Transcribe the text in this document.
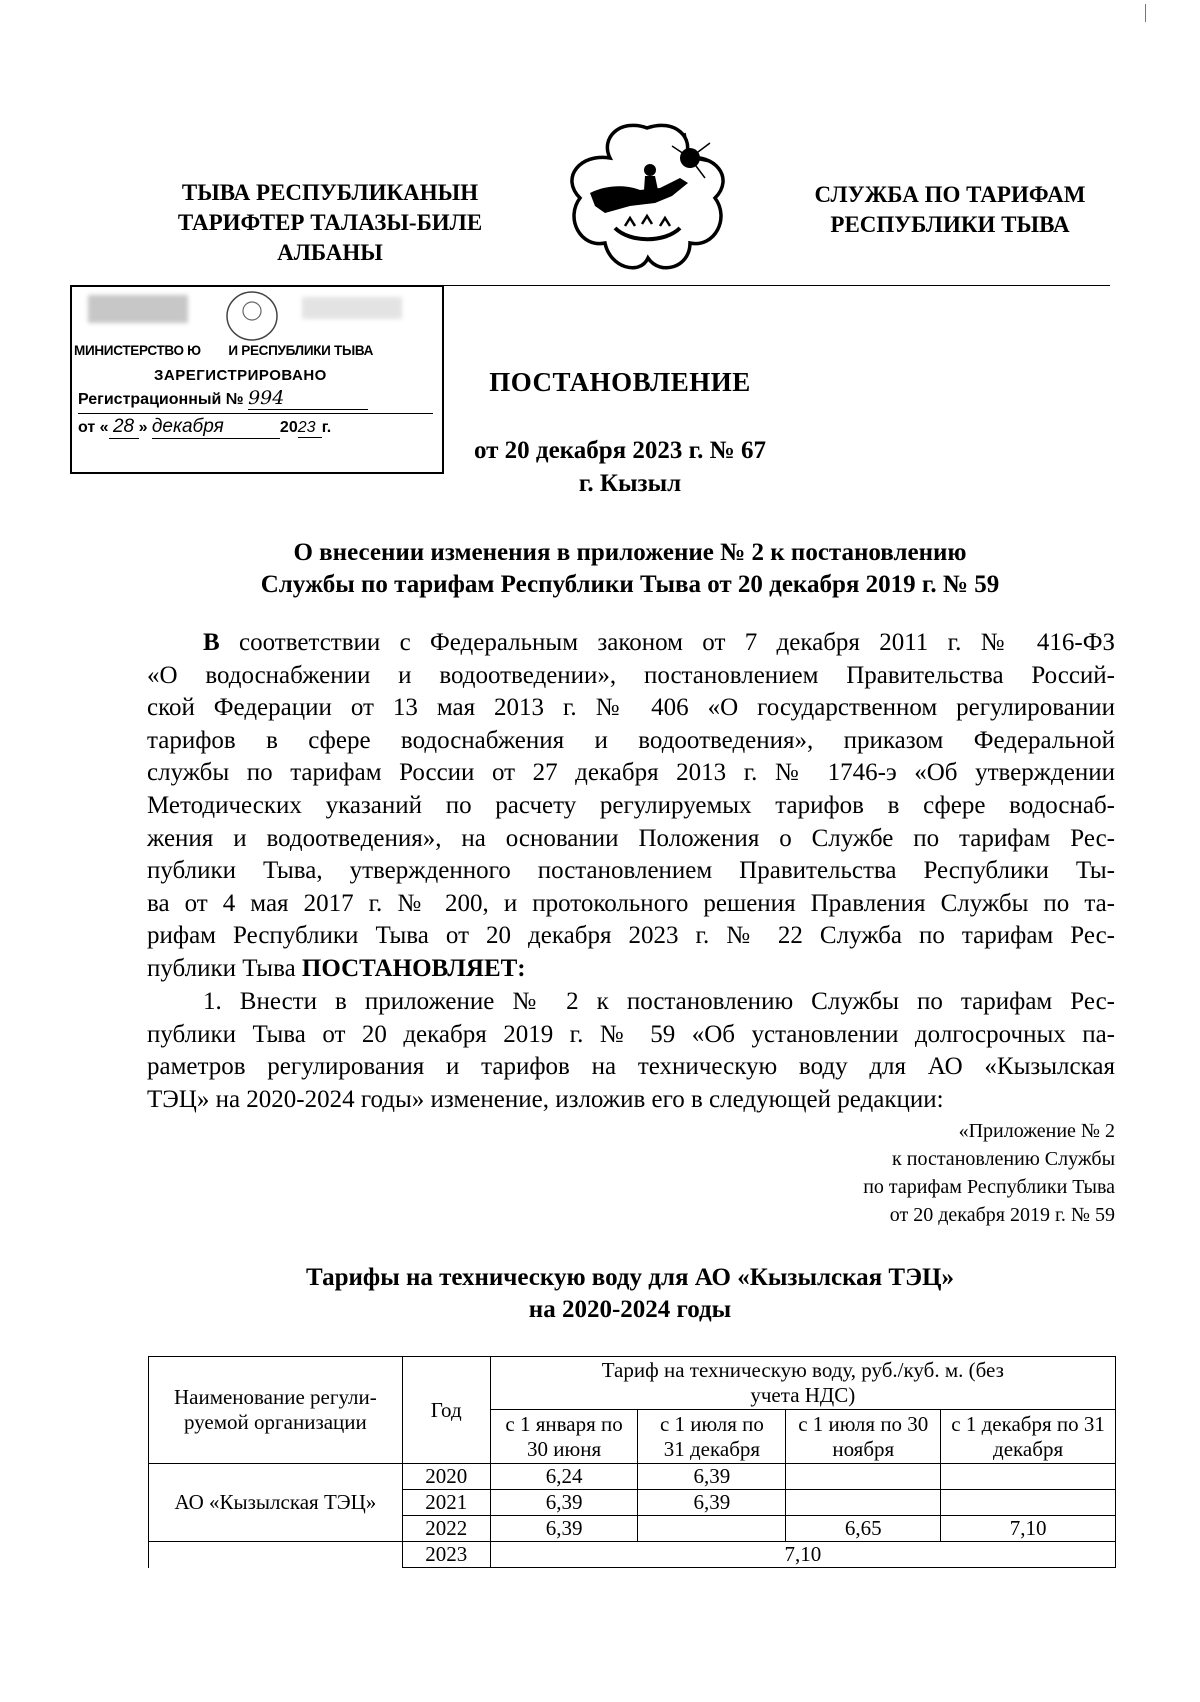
ТЫВА РЕСПУБЛИКАНЫН
ТАРИФТЕР ТАЛАЗЫ-БИЛЕ
АЛБАНЫ
СЛУЖБА ПО ТАРИФАМ
РЕСПУБЛИКИ ТЫВА
МИНИСТЕРСТВО Ю        И РЕСПУБЛИКИ ТЫВА
ЗАРЕГИСТРИРОВАНО
Регистрационный № 994
от « 28 » декабря	2023 г.
ПОСТАНОВЛЕНИЕ
от 20 декабря 2023 г. № 67
г. Кызыл
О внесении изменения в приложение № 2 к постановлению
Службы по тарифам Республики Тыва от 20 декабря 2019 г. № 59
В соответствии с Федеральным законом от 7 декабря 2011 г. № 416-ФЗ
«О водоснабжении и водоотведении», постановлением Правительства Россий-
ской Федерации от 13 мая 2013 г. № 406 «О государственном регулировании
тарифов в сфере водоснабжения и водоотведения», приказом Федеральной
службы по тарифам России от 27 декабря 2013 г. № 1746-э «Об утверждении
Методических указаний по расчету регулируемых тарифов в сфере водоснаб-
жения и водоотведения», на основании Положения о Службе по тарифам Рес-
публики Тыва, утвержденного постановлением Правительства Республики Ты-
ва от 4 мая 2017 г. № 200, и протокольного решения Правления Службы по та-
рифам Республики Тыва от 20 декабря 2023 г. № 22 Служба по тарифам Рес-
публики Тыва ПОСТАНОВЛЯЕТ:
1. Внести в приложение № 2 к постановлению Службы по тарифам Рес-
публики Тыва от 20 декабря 2019 г. № 59 «Об установлении долгосрочных па-
раметров регулирования и тарифов на техническую воду для АО «Кызылская
ТЭЦ» на 2020-2024 годы» изменение, изложив его в следующей редакции:
«Приложение № 2
к постановлению Службы
по тарифам Республики Тыва
от 20 декабря 2019 г. № 59
Тарифы на техническую воду для АО «Кызылская ТЭЦ»
на 2020-2024 годы
Наименование регули-руемой организации	Год	Тариф на техническую воду, руб./куб. м. (без учета НДС)			
		с 1 января по 30 июня	с 1 июля по 31 декабря	с 1 июля по 30 ноября	с 1 декабря по 31 декабря
АО «Кызылская ТЭЦ»	2020	6,24	6,39		
	2021	6,39	6,39		
	2022	6,39		6,65	7,10
	2023	7,10			
